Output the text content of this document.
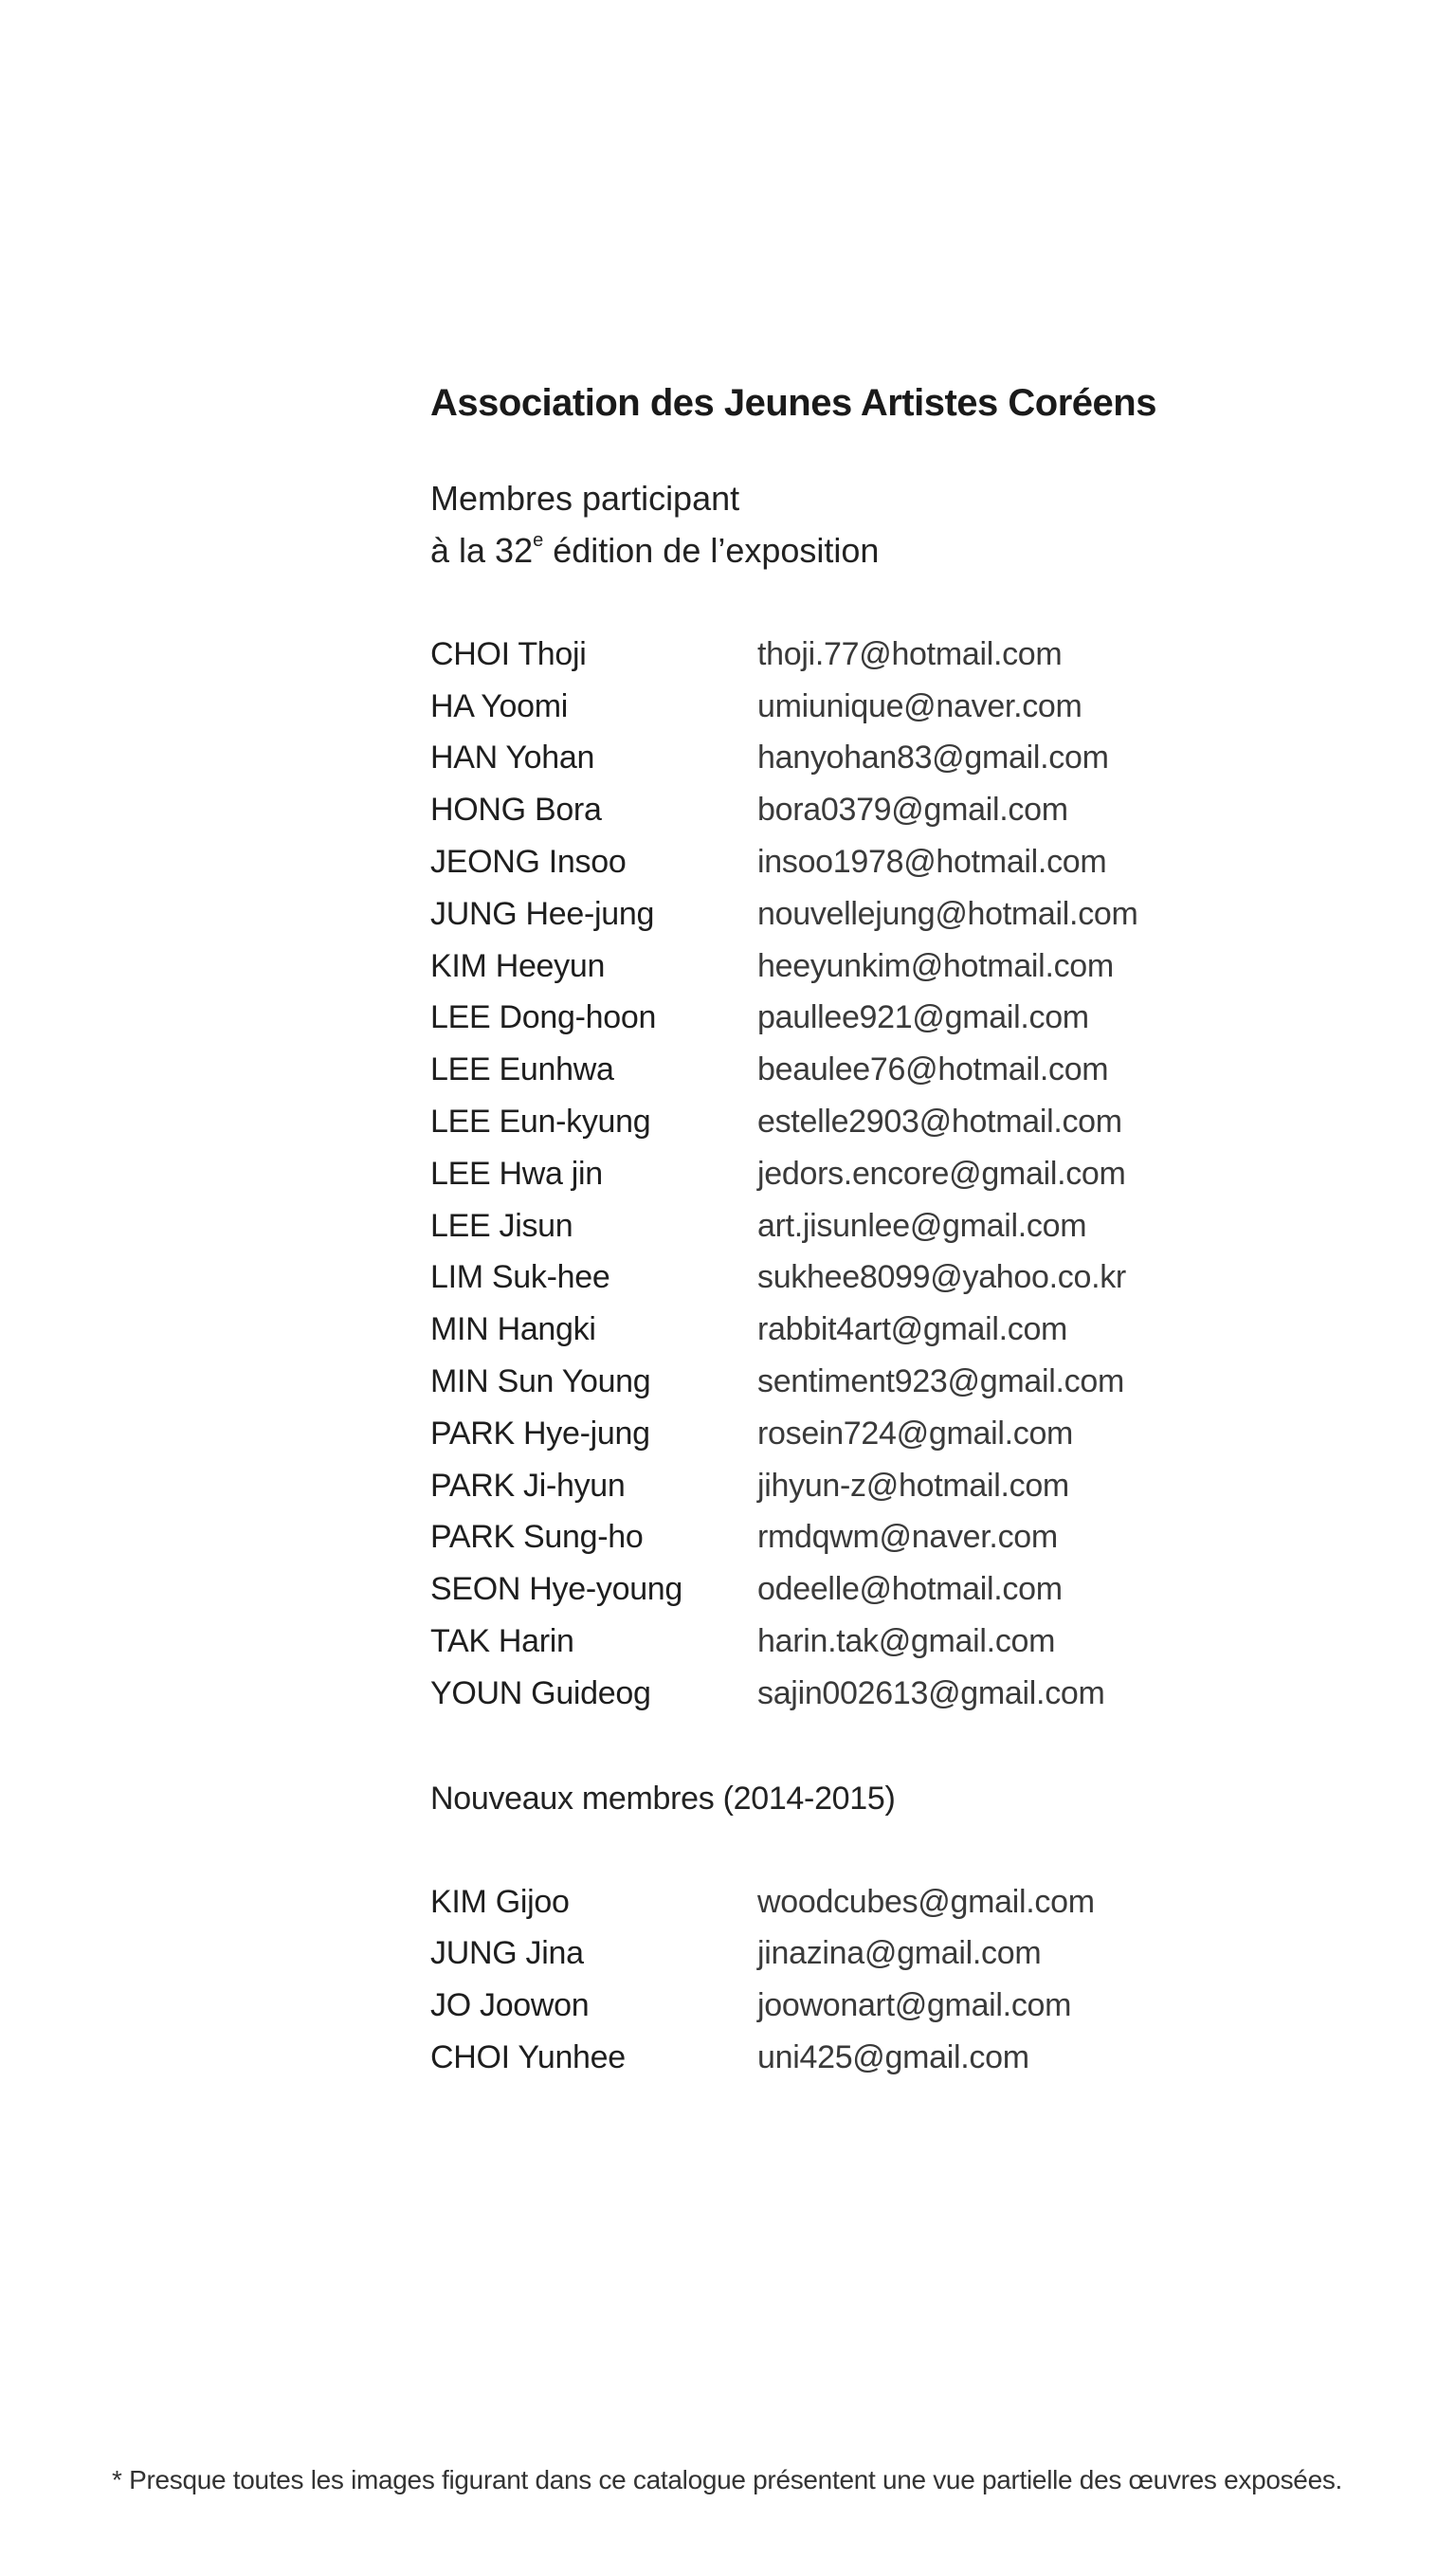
Association des Jeunes Artistes Coréens
Membres participant
à la 32e édition de l’exposition
CHOI Thoji	thoji.77@hotmail.com
HA Yoomi	umiunique@naver.com
HAN Yohan	hanyohan83@gmail.com
HONG Bora	bora0379@gmail.com
JEONG Insoo	insoo1978@hotmail.com
JUNG Hee-jung	nouvellejung@hotmail.com
KIM Heeyun	heeyunkim@hotmail.com
LEE Dong-hoon	paullee921@gmail.com
LEE Eunhwa	beaulee76@hotmail.com
LEE Eun-kyung	estelle2903@hotmail.com
LEE Hwa jin	jedors.encore@gmail.com
LEE Jisun	art.jisunlee@gmail.com
LIM Suk-hee	sukhee8099@yahoo.co.kr
MIN Hangki	rabbit4art@gmail.com
MIN Sun Young	sentiment923@gmail.com
PARK Hye-jung	rosein724@gmail.com
PARK Ji-hyun	jihyun-z@hotmail.com
PARK Sung-ho	rmdqwm@naver.com
SEON Hye-young	odeelle@hotmail.com
TAK Harin	harin.tak@gmail.com
YOUN Guideog	sajin002613@gmail.com
Nouveaux membres (2014-2015)
KIM Gijoo	woodcubes@gmail.com
JUNG Jina	jinazina@gmail.com
JO Joowon	joowonart@gmail.com
CHOI Yunhee	uni425@gmail.com
* Presque toutes les images figurant dans ce catalogue présentent une vue partielle des œuvres exposées.
